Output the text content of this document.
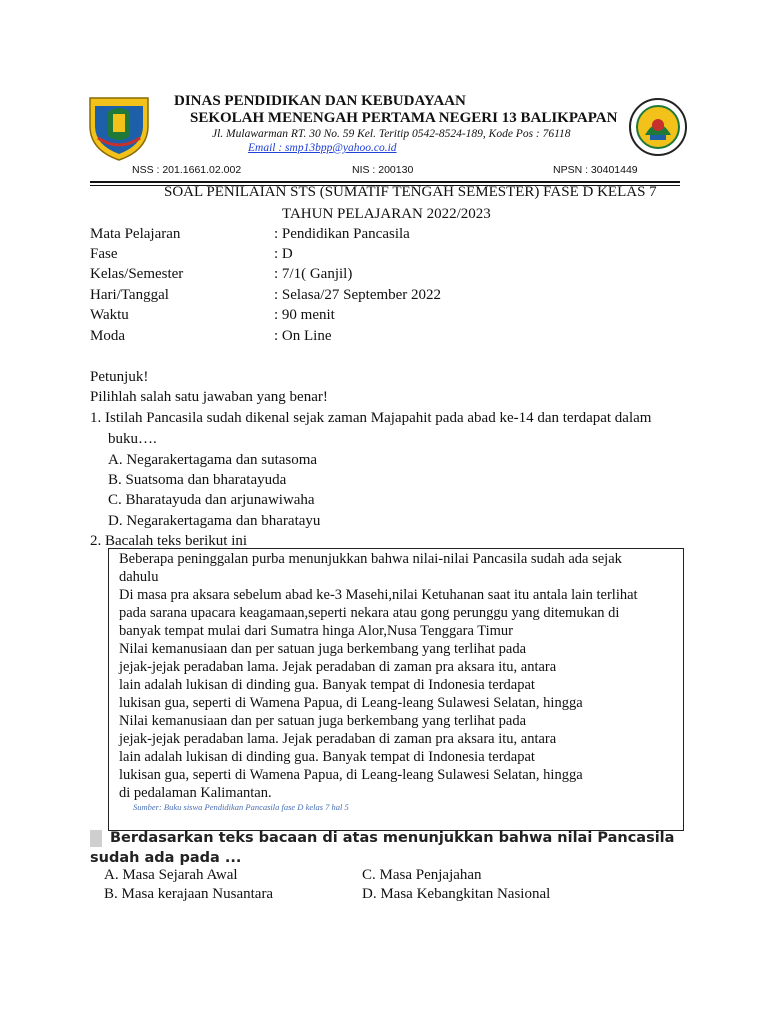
DINAS PENDIDIKAN DAN KEBUDAYAAN
SEKOLAH MENENGAH PERTAMA NEGERI 13 BALIKPAPAN
Jl. Mulawarman RT. 30 No. 59 Kel. Teritip 0542-8524-189, Kode Pos : 76118
Email : smp13bpp@yahoo.co.id
NSS : 201.1661.02.002	NIS : 200130	NPSN : 30401449
SOAL PENILAIAN STS (SUMATIF TENGAH SEMESTER) FASE D KELAS 7
TAHUN PELAJARAN 2022/2023
Mata Pelajaran	: Pendidikan Pancasila
Fase	: D
Kelas/Semester	: 7/1( Ganjil)
Hari/Tanggal	: Selasa/27 September 2022
Waktu	: 90 menit
Moda	: On Line
Petunjuk!
Pilihlah salah satu jawaban yang benar!
1. Istilah Pancasila sudah dikenal sejak zaman Majapahit pada abad ke-14 dan terdapat dalam
buku….
A. Negarakertagama dan sutasoma
B. Suatsoma dan bharatayuda
C. Bharatayuda dan arjunawiwaha
D. Negarakertagama dan bharatayu
2. Bacalah teks berikut ini
Beberapa peninggalan purba menunjukkan bahwa nilai-nilai Pancasila sudah ada sejak
dahulu
Di masa pra aksara sebelum abad ke-3 Masehi,nilai Ketuhanan saat itu antala lain terlihat
pada sarana upacara keagamaan,seperti nekara atau gong perunggu yang ditemukan di
banyak tempat mulai dari Sumatra hinga Alor,Nusa Tenggara Timur
Nilai kemanusiaan dan per satuan juga berkembang yang terlihat pada
jejak-jejak peradaban lama. Jejak peradaban di zaman pra aksara itu, antara
lain adalah lukisan di dinding gua. Banyak tempat di Indonesia terdapat
lukisan gua, seperti di Wamena Papua, di Leang-leang Sulawesi Selatan, hingga
Nilai kemanusiaan dan per satuan juga berkembang yang terlihat pada
jejak-jejak peradaban lama. Jejak peradaban di zaman pra aksara itu, antara
lain adalah lukisan di dinding gua. Banyak tempat di Indonesia terdapat
lukisan gua, seperti di Wamena Papua, di Leang-leang Sulawesi Selatan, hingga
di pedalaman Kalimantan.
Sumber: Buku siswa Pendidikan Pancasila fase D kelas 7 hal 5
Berdasarkan teks bacaan di atas menunjukkan bahwa nilai Pancasila
sudah ada pada ...
A. Masa Sejarah Awal
B. Masa kerajaan Nusantara
C. Masa Penjajahan
D. Masa Kebangkitan Nasional
